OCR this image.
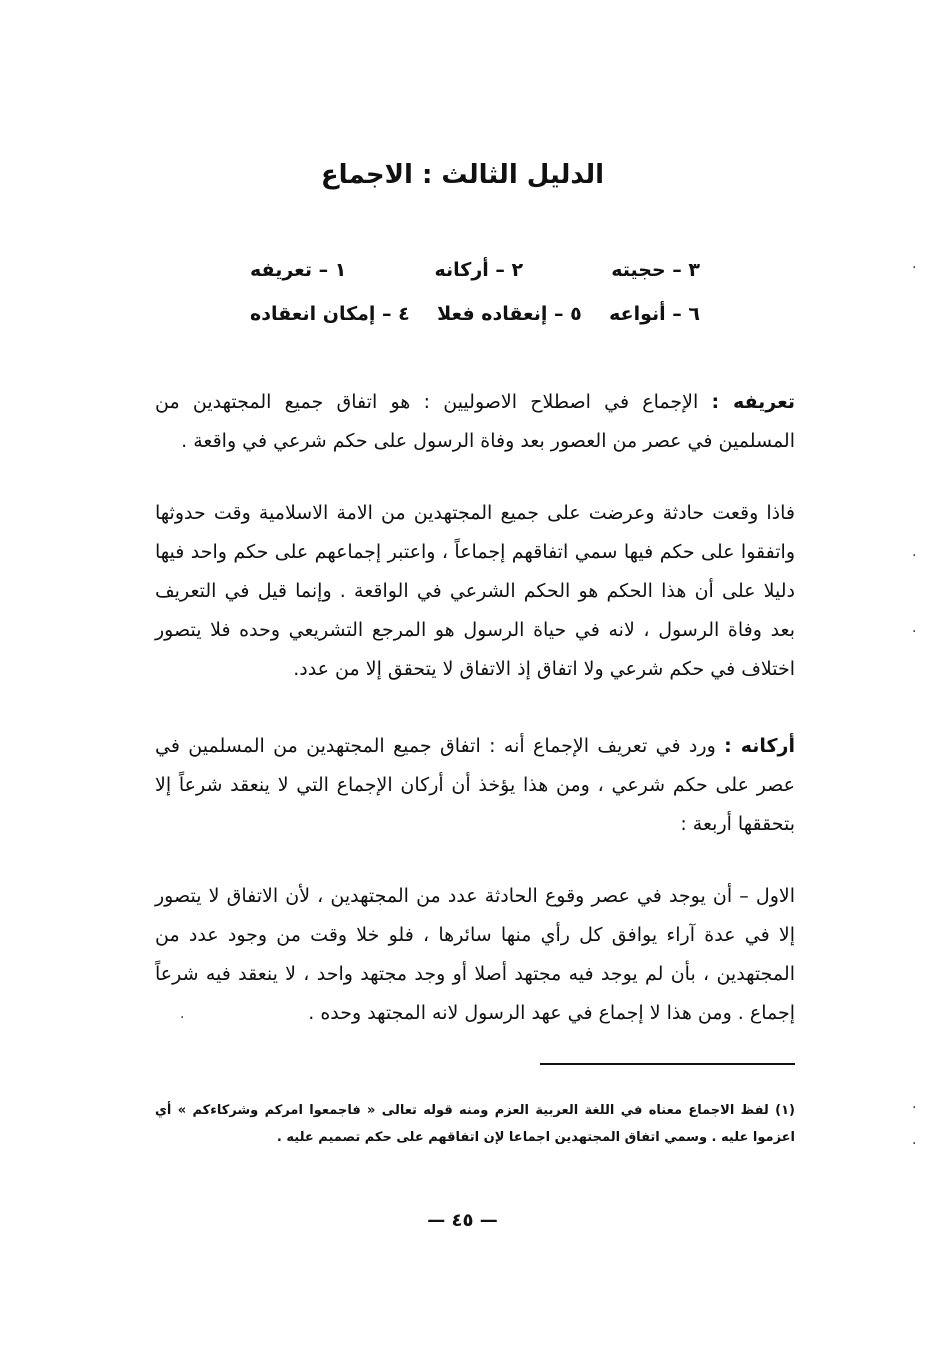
الدليل الثالث : الاجماع
١ – تعريفه	٢ – أركانه	٣ – حجيته
٤ – إمكان انعقاده ٥ – إنعقاده فعلا ٦ – أنواعه
تعريفه : الإجماع في اصطلاح الاصوليين : هو اتفاق جميع المجتهدين من المسلمين في عصر من العصور بعد وفاة الرسول على حكم شرعي في واقعة .
فاذا وقعت حادثة وعرضت على جميع المجتهدين من الامة الاسلامية وقت حدوثها واتفقوا على حكم فيها سمي اتفاقهم إجماعاً ، واعتبر إجماعهم على حكم واحد فيها دليلا على أن هذا الحكم هو الحكم الشرعي في الواقعة . وإنما قيل في التعريف بعد وفاة الرسول ، لانه في حياة الرسول هو المرجع التشريعي وحده فلا يتصور اختلاف في حكم شرعي ولا اتفاق إذ الاتفاق لا يتحقق إلا من عدد.
أركانه : ورد في تعريف الإجماع أنه : اتفاق جميع المجتهدين من المسلمين في عصر على حكم شرعي ، ومن هذا يؤخذ أن أركان الإجماع التي لا ينعقد شرعاً إلا بتحققها أربعة :
الاول – أن يوجد في عصر وقوع الحادثة عدد من المجتهدين ، لأن الاتفاق لا يتصور إلا في عدة آراء يوافق كل رأي منها سائرها ، فلو خلا وقت من وجود عدد من المجتهدين ، بأن لم يوجد فيه مجتهد أصلا أو وجد مجتهد واحد ، لا ينعقد فيه شرعاً إجماع . ومن هذا لا إجماع في عهد الرسول لانه المجتهد وحده .
(١) لفظ الاجماع معناه في اللغة العربية العزم ومنه قوله تعالى « فاجمعوا امركم وشركاءكم » أي اعزموا عليه . وسمي اتفاق المجتهدين اجماعا لإن اتفاقهم على حكم تصميم عليه .
— ٤٥ —
·
·
·
·
·
·
